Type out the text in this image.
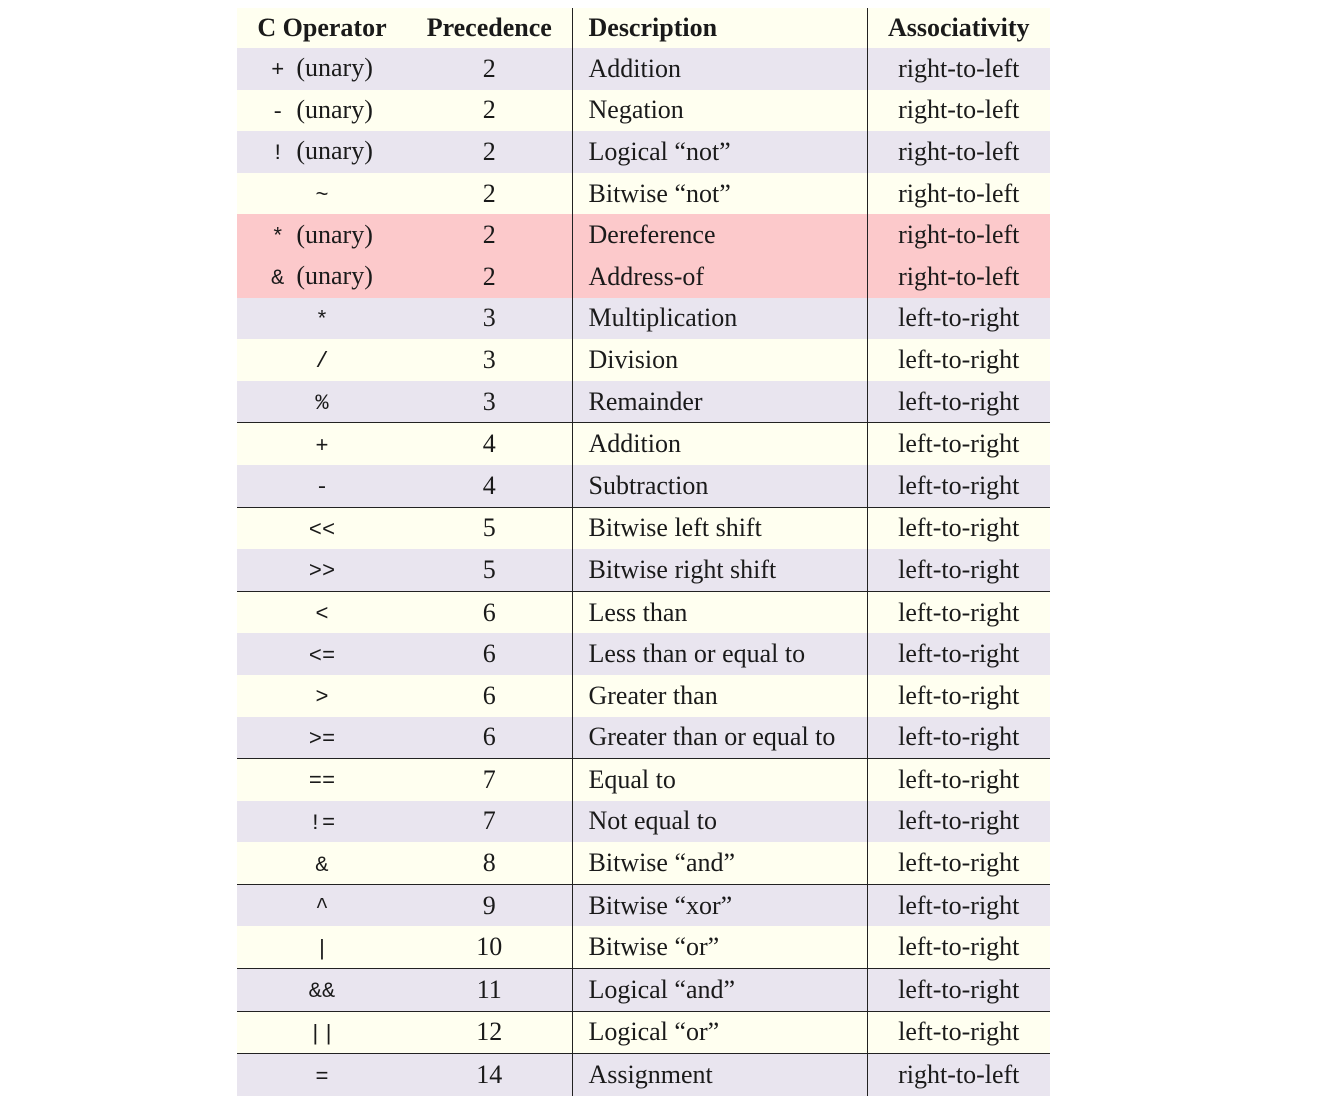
C Operator	Precedence	Description	Associativity
+ (unary)	2	Addition	right-to-left
- (unary)	2	Negation	right-to-left
! (unary)	2	Logical “not”	right-to-left
~	2	Bitwise “not”	right-to-left
* (unary)	2	Dereference	right-to-left
& (unary)	2	Address-of	right-to-left
*	3	Multiplication	left-to-right
/	3	Division	left-to-right
%	3	Remainder	left-to-right
+	4	Addition	left-to-right
-	4	Subtraction	left-to-right
<<	5	Bitwise left shift	left-to-right
>>	5	Bitwise right shift	left-to-right
<	6	Less than	left-to-right
<=	6	Less than or equal to	left-to-right
>	6	Greater than	left-to-right
>=	6	Greater than or equal to	left-to-right
==	7	Equal to	left-to-right
!=	7	Not equal to	left-to-right
&	8	Bitwise “and”	left-to-right
^	9	Bitwise “xor”	left-to-right
|	10	Bitwise “or”	left-to-right
&&	11	Logical “and”	left-to-right
||	12	Logical “or”	left-to-right
=	14	Assignment	right-to-left
